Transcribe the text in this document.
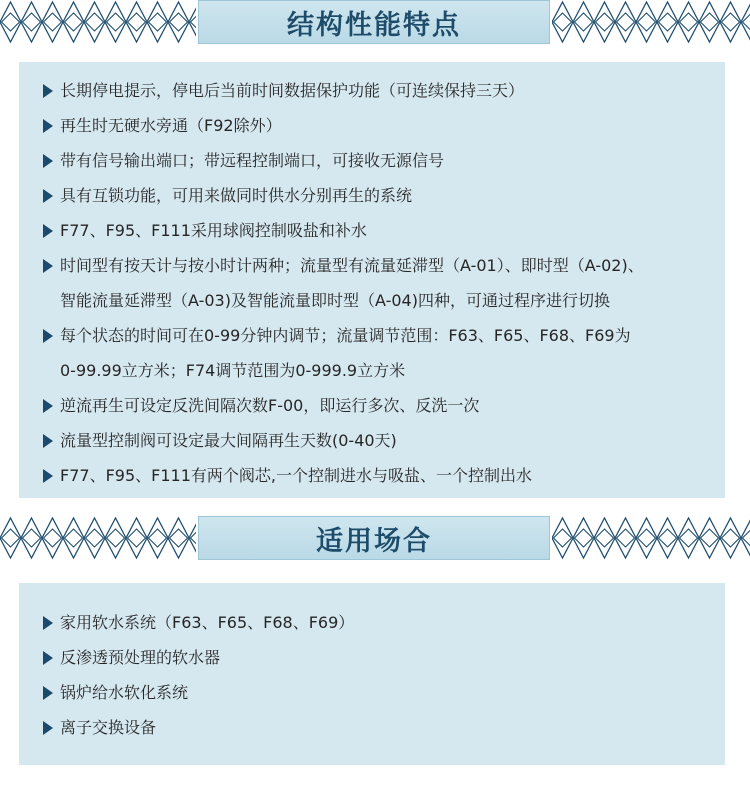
结构性能特点
长期停电提示，停电后当前时间数据保护功能（可连续保持三天）
再生时无硬水旁通（F92除外）
带有信号输出端口；带远程控制端口，可接收无源信号
具有互锁功能，可用来做同时供水分别再生的系统
F77、F95、F111采用球阀控制吸盐和补水
时间型有按天计与按小时计两种；流量型有流量延滞型（A-01）、即时型（A-02)、
智能流量延滞型（A-03)及智能流量即时型（A-04)四种，可通过程序进行切换
每个状态的时间可在0-99分钟内调节；流量调节范围：F63、F65、F68、F69为
0-99.99立方米；F74调节范围为0-999.9立方米
逆流再生可设定反洗间隔次数F-00，即运行多次、反洗一次
流量型控制阀可设定最大间隔再生天数(0-40天)
F77、F95、F111有两个阀芯,一个控制进水与吸盐、一个控制出水
适用场合
家用软水系统（F63、F65、F68、F69）
反渗透预处理的软水器
锅炉给水软化系统
离子交换设备
